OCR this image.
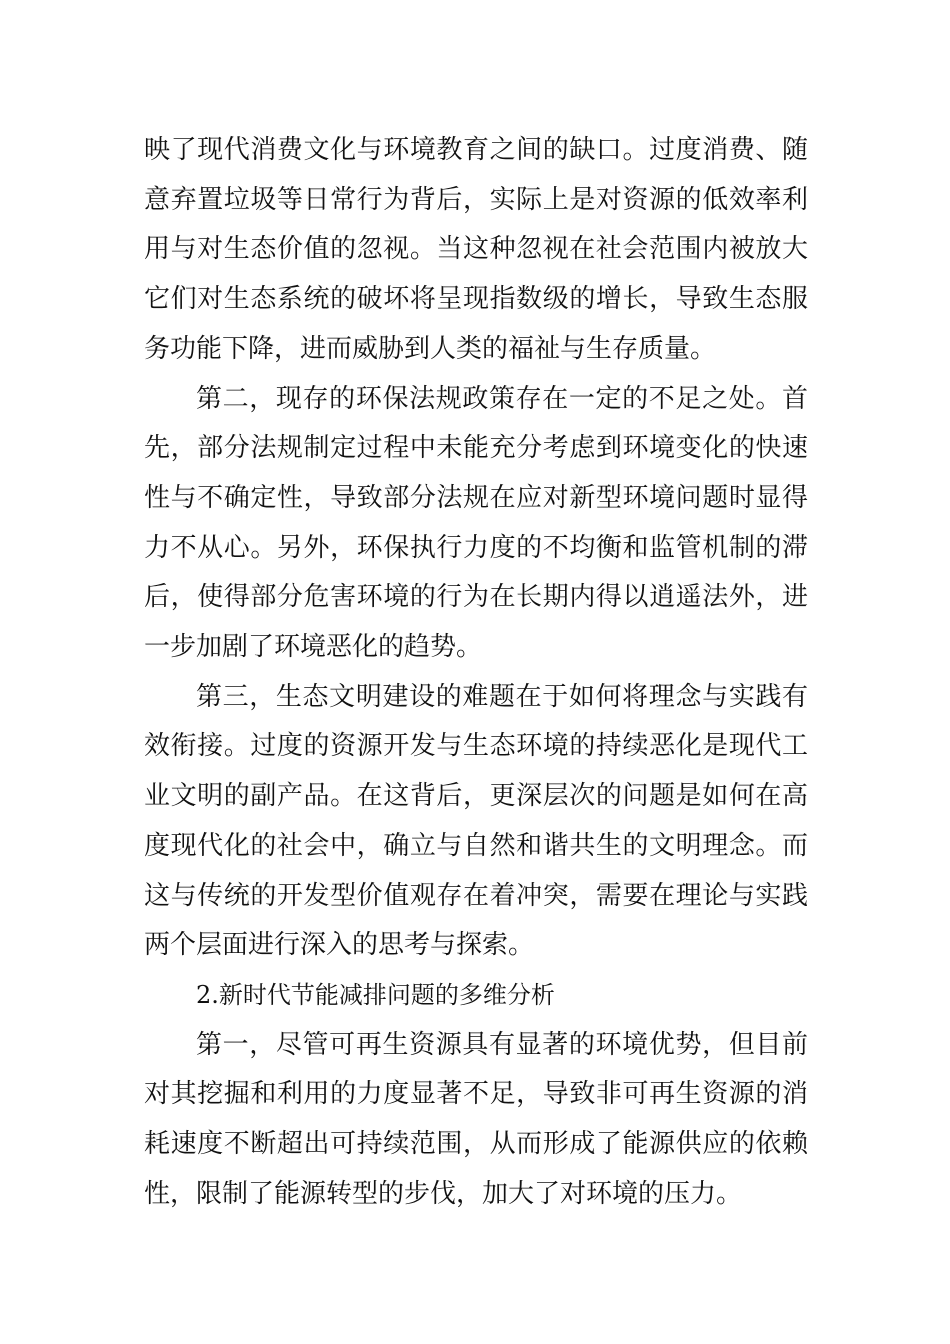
映了现代消费文化与环境教育之间的缺口。过度消费、随意弃置垃圾等日常行为背后，实际上是对资源的低效率利用与对生态价值的忽视。当这种忽视在社会范围内被放大它们对生态系统的破坏将呈现指数级的增长，导致生态服务功能下降，进而威胁到人类的福祉与生存质量。

第二，现存的环保法规政策存在一定的不足之处。首先，部分法规制定过程中未能充分考虑到环境变化的快速性与不确定性，导致部分法规在应对新型环境问题时显得力不从心。另外，环保执行力度的不均衡和监管机制的滞后，使得部分危害环境的行为在长期内得以逍遥法外，进一步加剧了环境恶化的趋势。

第三，生态文明建设的难题在于如何将理念与实践有效衔接。过度的资源开发与生态环境的持续恶化是现代工业文明的副产品。在这背后，更深层次的问题是如何在高度现代化的社会中，确立与自然和谐共生的文明理念。而这与传统的开发型价值观存在着冲突，需要在理论与实践两个层面进行深入的思考与探索。

2.新时代节能减排问题的多维分析

第一，尽管可再生资源具有显著的环境优势，但目前对其挖掘和利用的力度显著不足，导致非可再生资源的消耗速度不断超出可持续范围，从而形成了能源供应的依赖性，限制了能源转型的步伐，加大了对环境的压力。
